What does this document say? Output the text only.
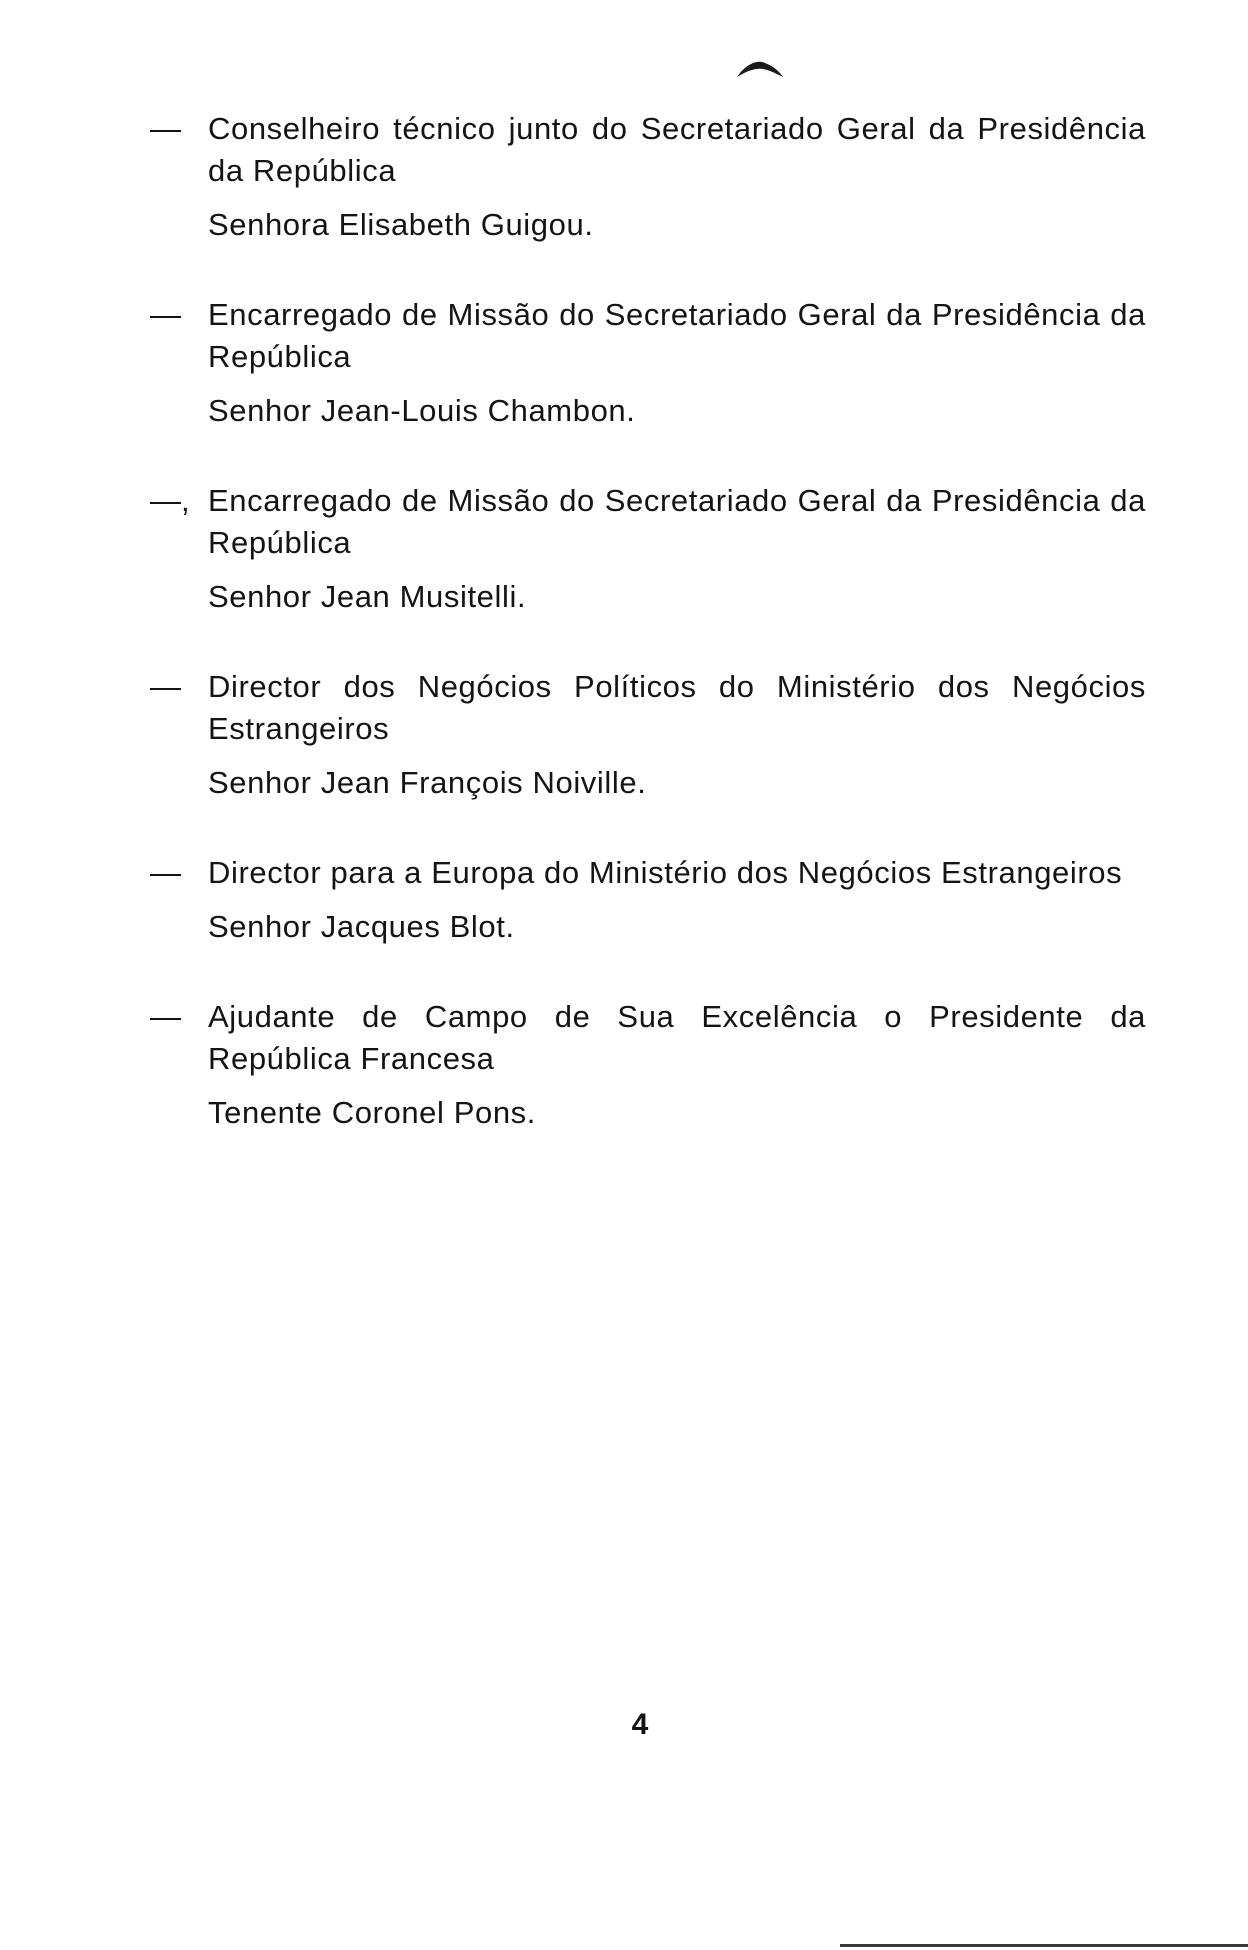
— Conselheiro técnico junto do Secretariado Geral da Presidência da República
Senhora Elisabeth Guigou.
— Encarregado de Missão do Secretariado Geral da Presidência da República
Senhor Jean-Louis Chambon.
—, Encarregado de Missão do Secretariado Geral da Presidência da República
Senhor Jean Musitelli.
— Director dos Negócios Políticos do Ministério dos Negócios Estrangeiros
Senhor Jean François Noiville.
— Director para a Europa do Ministério dos Negócios Estrangeiros
Senhor Jacques Blot.
— Ajudante de Campo de Sua Excelência o Presidente da República Francesa
Tenente Coronel Pons.
4
